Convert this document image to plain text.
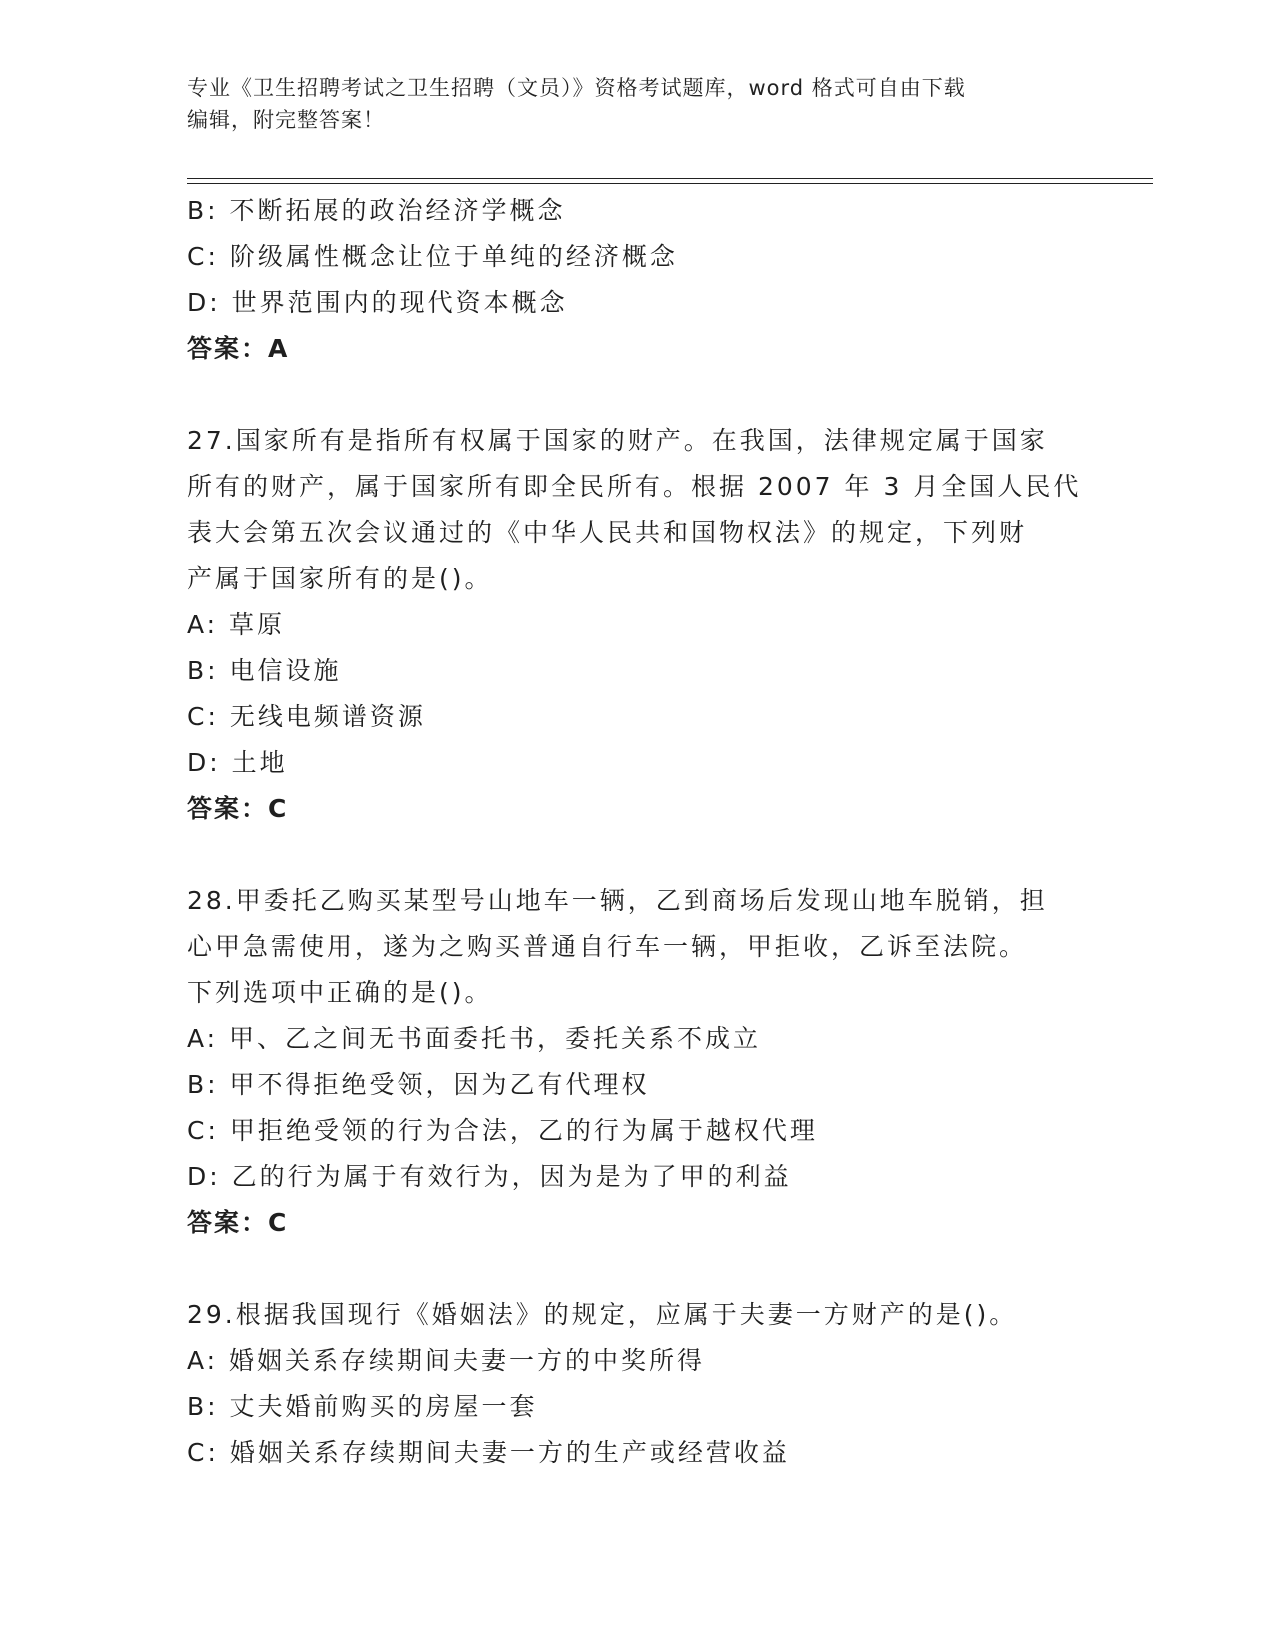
专业《卫生招聘考试之卫生招聘（文员）》资格考试题库，word 格式可自由下载
编辑，附完整答案！
B: 不断拓展的政治经济学概念
C: 阶级属性概念让位于单纯的经济概念
D: 世界范围内的现代资本概念
答案：A
27.国家所有是指所有权属于国家的财产。在我国，法律规定属于国家
所有的财产，属于国家所有即全民所有。根据 2007 年 3 月全国人民代
表大会第五次会议通过的《中华人民共和国物权法》的规定，下列财
产属于国家所有的是()。
A: 草原
B: 电信设施
C: 无线电频谱资源
D: 土地
答案：C
28.甲委托乙购买某型号山地车一辆，乙到商场后发现山地车脱销，担
心甲急需使用，遂为之购买普通自行车一辆，甲拒收，乙诉至法院。
下列选项中正确的是()。
A: 甲、乙之间无书面委托书，委托关系不成立
B: 甲不得拒绝受领，因为乙有代理权
C: 甲拒绝受领的行为合法，乙的行为属于越权代理
D: 乙的行为属于有效行为，因为是为了甲的利益
答案：C
29.根据我国现行《婚姻法》的规定，应属于夫妻一方财产的是()。
A: 婚姻关系存续期间夫妻一方的中奖所得
B: 丈夫婚前购买的房屋一套
C: 婚姻关系存续期间夫妻一方的生产或经营收益
